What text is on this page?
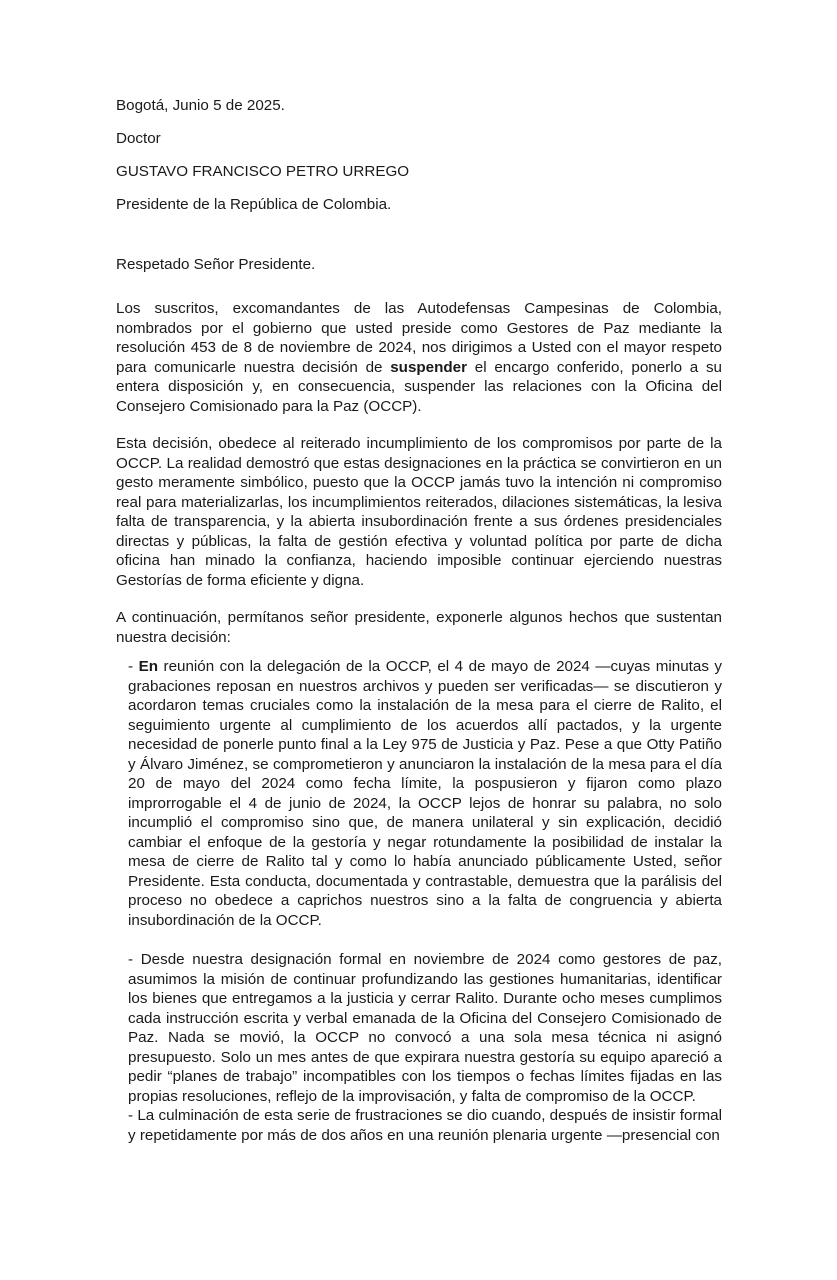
Bogotá, Junio 5 de 2025.
Doctor
GUSTAVO FRANCISCO PETRO URREGO
Presidente de la República de Colombia.
Respetado Señor Presidente.

Los suscritos, excomandantes de las Autodefensas Campesinas de Colombia, nombrados por el gobierno que usted preside como Gestores de Paz mediante la resolución 453 de 8 de noviembre de 2024, nos dirigimos a Usted con el mayor respeto para comunicarle nuestra decisión de suspender el encargo conferido, ponerlo a su entera disposición y, en consecuencia, suspender las relaciones con la Oficina del Consejero Comisionado para la Paz (OCCP).

Esta decisión, obedece al reiterado incumplimiento de los compromisos por parte de la OCCP. La realidad demostró que estas designaciones en la práctica se convirtieron en un gesto meramente simbólico, puesto que la OCCP jamás tuvo la intención ni compromiso real para materializarlas, los incumplimientos reiterados, dilaciones sistemáticas, la lesiva falta de transparencia, y la abierta insubordinación frente a sus órdenes presidenciales directas y públicas, la falta de gestión efectiva y voluntad política por parte de dicha oficina han minado la confianza, haciendo imposible continuar ejerciendo nuestras Gestorías de forma eficiente y digna.

A continuación, permítanos señor presidente, exponerle algunos hechos que sustentan nuestra decisión:

- En reunión con la delegación de la OCCP, el 4 de mayo de 2024 —cuyas minutas y grabaciones reposan en nuestros archivos y pueden ser verificadas— se discutieron y acordaron temas cruciales como la instalación de la mesa para el cierre de Ralito, el seguimiento urgente al cumplimiento de los acuerdos allí pactados, y la urgente necesidad de ponerle punto final a la Ley 975 de Justicia y Paz. Pese a que Otty Patiño y Álvaro Jiménez, se comprometieron y anunciaron la instalación de la mesa para el día 20 de mayo del 2024 como fecha límite, la pospusieron y fijaron como plazo improrrogable el 4 de junio de 2024, la OCCP lejos de honrar su palabra, no solo incumplió el compromiso sino que, de manera unilateral y sin explicación, decidió cambiar el enfoque de la gestoría y negar rotundamente la posibilidad de instalar la mesa de cierre de Ralito tal y como lo había anunciado públicamente Usted, señor Presidente. Esta conducta, documentada y contrastable, demuestra que la parálisis del proceso no obedece a caprichos nuestros sino a la falta de congruencia y abierta insubordinación de la OCCP.
- Desde nuestra designación formal en noviembre de 2024 como gestores de paz, asumimos la misión de continuar profundizando las gestiones humanitarias, identificar los bienes que entregamos a la justicia y cerrar Ralito. Durante ocho meses cumplimos cada instrucción escrita y verbal emanada de la Oficina del Consejero Comisionado de Paz. Nada se movió, la OCCP no convocó a una sola mesa técnica ni asignó presupuesto. Solo un mes antes de que expirara nuestra gestoría su equipo apareció a pedir “planes de trabajo” incompatibles con los tiempos o fechas límites fijadas en las propias resoluciones, reflejo de la improvisación, y falta de compromiso de la OCCP.
- La culminación de esta serie de frustraciones se dio cuando, después de insistir formal y repetidamente por más de dos años en una reunión plenaria urgente —presencial con
